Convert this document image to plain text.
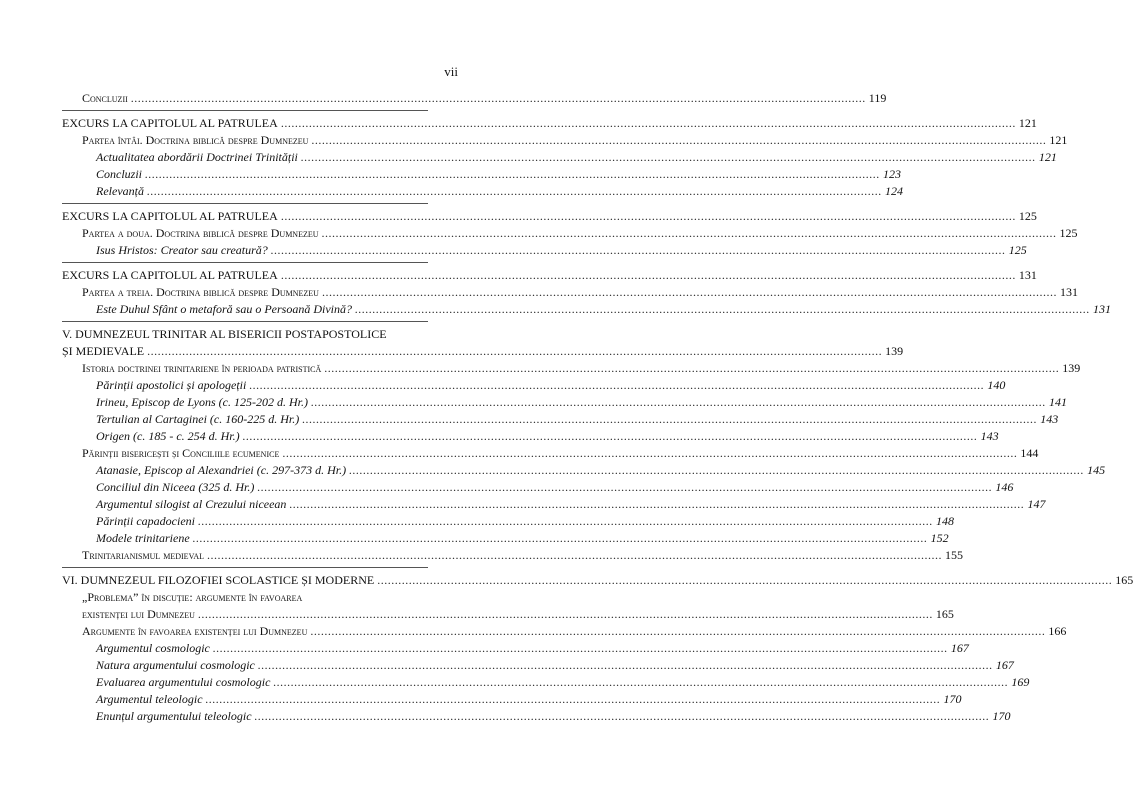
vii
Concluzii .....	119
EXCURS LA CAPITOLUL AL PATRULEA .....	121
Partea întâi. Doctrina biblică despre Dumnezeu .....	121
Actualitatea abordării Doctrinei Trinității .....	121
Concluzii .....	123
Relevanță .....	124
EXCURS LA CAPITOLUL AL PATRULEA .....	125
Partea a doua. Doctrina biblică despre Dumnezeu .....	125
Isus Hristos: Creator sau creatură? .....	125
EXCURS LA CAPITOLUL AL PATRULEA .....	131
Partea a treia. Doctrina biblică despre Dumnezeu .....	131
Este Duhul Sfânt o metaforă sau o Persoană Divină? .....	131
V. DUMNEZEUL TRINITAR AL BISERICII POSTAPOSTOLICE
ȘI MEDIEVALE .....	139
Istoria doctrinei trinitariene în perioada patristică .....	139
Părinții apostolici și apologeții .....	140
Irineu, Episcop de Lyons (c. 125-202 d. Hr.) .....	141
Tertulian al Cartaginei (c. 160-225 d. Hr.) .....	143
Origen (c. 185 - c. 254 d. Hr.) .....	143
Părinții bisericești și Conciliile ecumenice .....	144
Atanasie, Episcop al Alexandriei (c. 297-373 d. Hr.) .....	145
Conciliul din Niceea (325 d. Hr.) .....	146
Argumentul silogist al Crezului niceean .....	147
Părinții capadocieni .....	148
Modele trinitariene .....	152
Trinitarianismul medieval .....	155
VI. DUMNEZEUL FILOZOFIEI SCOLASTICE ȘI MODERNE .....	165
„Problema” în discuție: argumente în favoarea
existenței lui Dumnezeu .....	165
Argumente în favoarea existenței lui Dumnezeu .....	166
Argumentul cosmologic .....	167
Natura argumentului cosmologic .....	167
Evaluarea argumentului cosmologic .....	169
Argumentul teleologic .....	170
Enunțul argumentului teleologic .....	170
